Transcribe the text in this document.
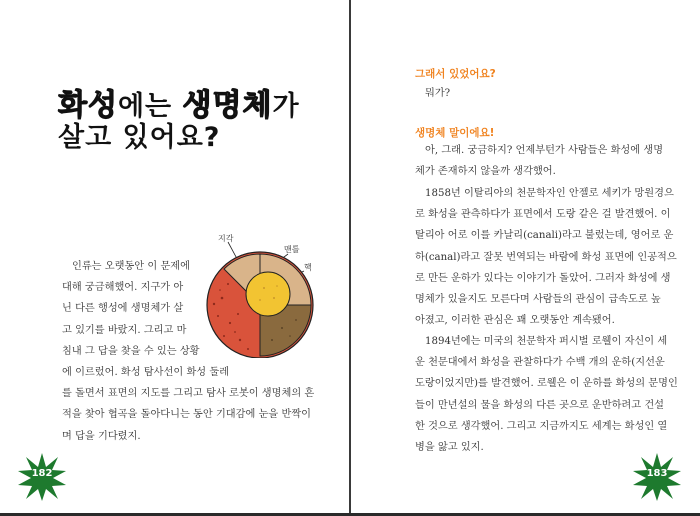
화성에는 생명체가
살고 있어요?
지각
맨틀
핵
인류는 오랫동안 이 문제에
대해 궁금해했어. 지구가 아
닌 다른 행성에 생명체가 살
고 있기를 바랐지. 그리고 마
침내 그 답을 찾을 수 있는 상황
에 이르렀어. 화성 탐사선이 화성 둘레
를 돌면서 표면의 지도를 그리고 탐사 로봇이 생명체의 흔
적을 찾아 협곡을 돌아다니는 동안 기대감에 눈을 반짝이
며 답을 기다렸지.
182

그래서 있었어요?

뭐가?

생명체 말이에요!

아, 그래. 궁금하지? 언제부턴가 사람들은 화성에 생명
체가 존재하지 않을까 생각했어.
1858년 이탈리아의 천문학자인 안젤로 세키가 망원경으
로 화성을 관측하다가 표면에서 도랑 같은 걸 발견했어. 이
탈리아 어로 이를 카날리(canali)라고 불렀는데, 영어로 운
하(canal)라고 잘못 번역되는 바람에 화성 표면에 인공적으
로 만든 운하가 있다는 이야기가 돌았어. 그러자 화성에 생
명체가 있을지도 모른다며 사람들의 관심이 급속도로 높
아졌고, 이러한 관심은 꽤 오랫동안 계속됐어.
1894년에는 미국의 천문학자 퍼시벌 로웰이 자신이 세
운 천문대에서 화성을 관찰하다가 수백 개의 운하(지선운
도랑이었지만)를 발견했어. 로웰은 이 운하를 화성의 문명인
들이 만년설의 물을 화성의 다른 곳으로 운반하려고 건설
한 것으로 생각했어. 그리고 지금까지도 세계는 화성인 열
병을 앓고 있지.
183
